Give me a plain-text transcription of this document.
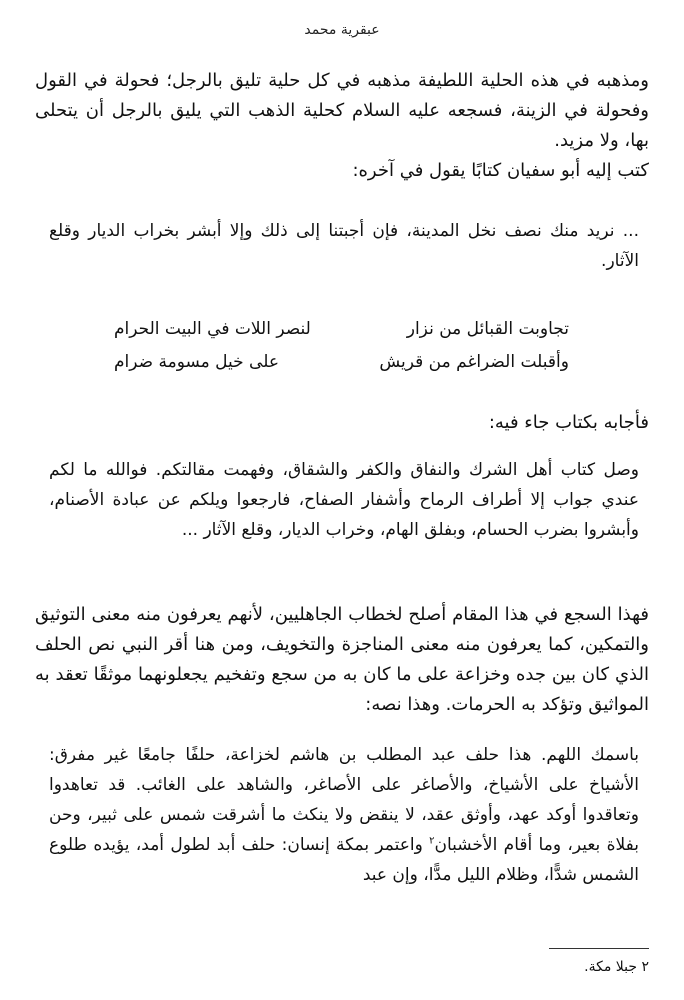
عبقرية محمد

ومذهبه في هذه الحلية اللطيفة مذهبه في كل حلية تليق بالرجل؛ فحولة في القول وفحولة في الزينة، فسجعه عليه السلام كحلية الذهب التي يليق بالرجل أن يتحلى بها، ولا مزيد.

كتب إليه أبو سفيان كتابًا يقول في آخره:

... نريد منك نصف نخل المدينة، فإن أجبتنا إلى ذلك وإلا أبشر بخراب الديار وقلع الآثار.

تجاوبت القبائل من نزار
لنصر اللات في البيت الحرام
وأقبلت الضراغم من قريش
على خيل مسومة ضرام

فأجابه بكتاب جاء فيه:

وصل كتاب أهل الشرك والنفاق والكفر والشقاق، وفهمت مقالتكم. فوالله ما لكم عندي جواب إلا أطراف الرماح وأشفار الصفاح، فارجعوا ويلكم عن عبادة الأصنام، وأبشروا بضرب الحسام، وبفلق الهام، وخراب الديار، وقلع الآثار ...

فهذا السجع في هذا المقام أصلح لخطاب الجاهليين، لأنهم يعرفون منه معنى التوثيق والتمكين، كما يعرفون منه معنى المناجزة والتخويف، ومن هنا أقر النبي نص الحلف الذي كان بين جده وخزاعة على ما كان به من سجع وتفخيم يجعلونهما موثقًا تعقد به المواثيق وتؤكد به الحرمات. وهذا نصه:

باسمك اللهم. هذا حلف عبد المطلب بن هاشم لخزاعة، حلفًا جامعًا غير مفرق: الأشياخ على الأشياخ، والأصاغر على الأصاغر، والشاهد على الغائب. قد تعاهدوا وتعاقدوا أوكد عهد، وأوثق عقد، لا ينقض ولا ينكث ما أشرقت شمس على ثبير، وحن بفلاة بعير، وما أقام الأخشبان$^٢$ واعتمر بمكة إنسان: حلف أبد لطول أمد، يؤيده طلوع الشمس شدًّا، وظلام الليل مدًّا، وإن عبد

٢ جبلا مكة.
